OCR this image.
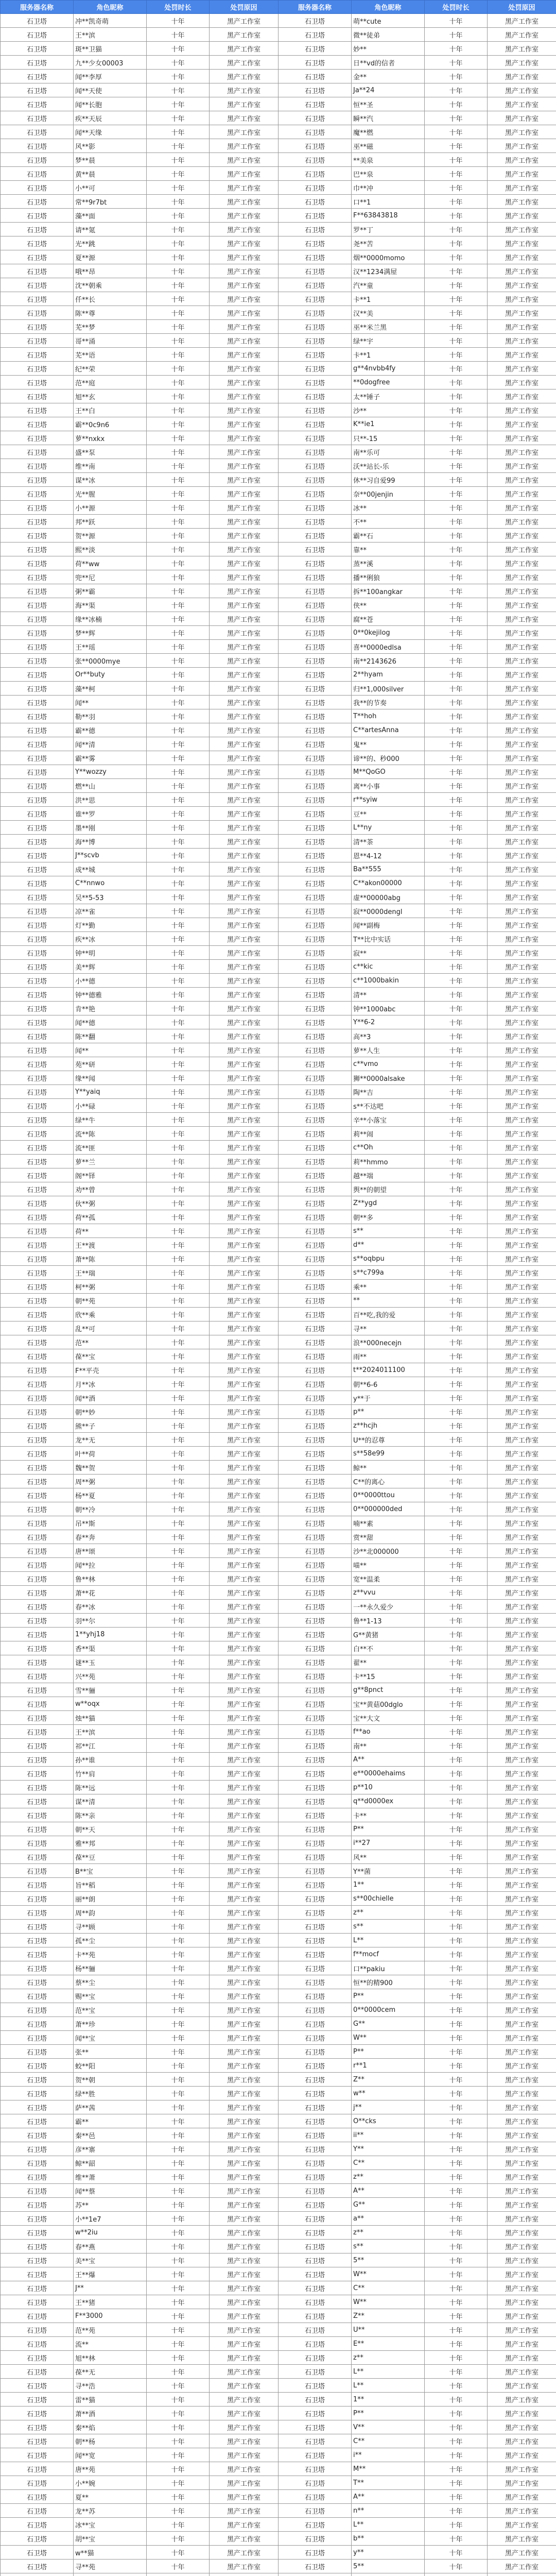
服务器名称	角色昵称	处罚时长	处罚原因	服务器名称	角色昵称	处罚时长	处罚原因
石卫塔	冲**凯奇萌	十年	黑产工作室	石卫塔	萌**cute	十年	黑产工作室
石卫塔	王**滨	十年	黑产工作室	石卫塔	微**徒弟	十年	黑产工作室
石卫塔	斑**卫猫	十年	黑产工作室	石卫塔	妙**	十年	黑产工作室
石卫塔	九**少女00003	十年	黑产工作室	石卫塔	日**vd的信者	十年	黑产工作室
石卫塔	闻**李厚	十年	黑产工作室	石卫塔	金**	十年	黑产工作室
石卫塔	闻**天使	十年	黑产工作室	石卫塔	Ja**24	十年	黑产工作室
石卫塔	闻**长胞	十年	黑产工作室	石卫塔	恒**圣	十年	黑产工作室
石卫塔	疾**天辰	十年	黑产工作室	石卫塔	瞬**汽	十年	黑产工作室
石卫塔	闻**天缘	十年	黑产工作室	石卫塔	魔**燃	十年	黑产工作室
石卫塔	风**影	十年	黑产工作室	石卫塔	巫**磁	十年	黑产工作室
石卫塔	梦**晨	十年	黑产工作室	石卫塔	**美泉	十年	黑产工作室
石卫塔	黄**晨	十年	黑产工作室	石卫塔	巴**泉	十年	黑产工作室
石卫塔	小**可	十年	黑产工作室	石卫塔	巾**冲	十年	黑产工作室
石卫塔	常**9r7bt	十年	黑产工作室	石卫塔	口**1	十年	黑产工作室
石卫塔	藻**面	十年	黑产工作室	石卫塔	F**63843818	十年	黑产工作室
石卫塔	请**氪	十年	黑产工作室	石卫塔	罗**丁	十年	黑产工作室
石卫塔	光**跳	十年	黑产工作室	石卫塔	尧**苦	十年	黑产工作室
石卫塔	夏**源	十年	黑产工作室	石卫塔	烟**0000momo	十年	黑产工作室
石卫塔	哦**昂	十年	黑产工作室	石卫塔	汉**1234满屋	十年	黑产工作室
石卫塔	沈**朝乘	十年	黑产工作室	石卫塔	汽**童	十年	黑产工作室
石卫塔	仟**长	十年	黑产工作室	石卫塔	卡**1	十年	黑产工作室
石卫塔	陈**尊	十年	黑产工作室	石卫塔	汉**美	十年	黑产工作室
石卫塔	芜**梦	十年	黑产工作室	石卫塔	巫**米兰黑	十年	黑产工作室
石卫塔	哥**涌	十年	黑产工作室	石卫塔	绿**宇	十年	黑产工作室
石卫塔	芜**语	十年	黑产工作室	石卫塔	卡**1	十年	黑产工作室
石卫塔	纪**荣	十年	黑产工作室	石卫塔	g**4nvbb4fy	十年	黑产工作室
石卫塔	范**庭	十年	黑产工作室	石卫塔	**0dogfree	十年	黑产工作室
石卫塔	旭**玄	十年	黑产工作室	石卫塔	太**锤子	十年	黑产工作室
石卫塔	王**白	十年	黑产工作室	石卫塔	沙**	十年	黑产工作室
石卫塔	霸**0c9n6	十年	黑产工作室	石卫塔	K**ie1	十年	黑产工作室
石卫塔	萝**nxkx	十年	黑产工作室	石卫塔	只**-15	十年	黑产工作室
石卫塔	盛**泵	十年	黑产工作室	石卫塔	南**乐可	十年	黑产工作室
石卫塔	维**南	十年	黑产工作室	石卫塔	沃**站长-乐	十年	黑产工作室
石卫塔	谋**冰	十年	黑产工作室	石卫塔	休**习自爱99	十年	黑产工作室
石卫塔	光**腥	十年	黑产工作室	石卫塔	奈**00jenjin	十年	黑产工作室
石卫塔	小**源	十年	黑产工作室	石卫塔	冰**	十年	黑产工作室
石卫塔	邦**跃	十年	黑产工作室	石卫塔	不**	十年	黑产工作室
石卫塔	贺**源	十年	黑产工作室	石卫塔	霸**石	十年	黑产工作室
石卫塔	熙**淡	十年	黑产工作室	石卫塔	靠**	十年	黑产工作室
石卫塔	荷**ww	十年	黑产工作室	石卫塔	蒸**溪	十年	黑产工作室
石卫塔	兜**尼	十年	黑产工作室	石卫塔	播**俐狼	十年	黑产工作室
石卫塔	粥**霸	十年	黑产工作室	石卫塔	拆**100angkar	十年	黑产工作室
石卫塔	海**渠	十年	黑产工作室	石卫塔	侠**	十年	黑产工作室
石卫塔	缘**冰楠	十年	黑产工作室	石卫塔	腐**苍	十年	黑产工作室
石卫塔	梦**辉	十年	黑产工作室	石卫塔	0**0kejilog	十年	黑产工作室
石卫塔	王**瑶	十年	黑产工作室	石卫塔	喜**0000edlsa	十年	黑产工作室
石卫塔	张**0000mye	十年	黑产工作室	石卫塔	南**2143626	十年	黑产工作室
石卫塔	Or**buty	十年	黑产工作室	石卫塔	2**hyam	十年	黑产工作室
石卫塔	藻**柯	十年	黑产工作室	石卫塔	归**1,000silver	十年	黑产工作室
石卫塔	闻**	十年	黑产工作室	石卫塔	我**的节奏	十年	黑产工作室
石卫塔	勒**羽	十年	黑产工作室	石卫塔	T**hoh	十年	黑产工作室
石卫塔	霸**德	十年	黑产工作室	石卫塔	C**artesAnna	十年	黑产工作室
石卫塔	闻**清	十年	黑产工作室	石卫塔	鬼**	十年	黑产工作室
石卫塔	霸**雾	十年	黑产工作室	石卫塔	谛**的、秒000	十年	黑产工作室
石卫塔	Y**wozzy	十年	黑产工作室	石卫塔	M**QoGO	十年	黑产工作室
石卫塔	燃**山	十年	黑产工作室	石卫塔	离**小事	十年	黑产工作室
石卫塔	洪**思	十年	黑产工作室	石卫塔	r**syiw	十年	黑产工作室
石卫塔	谁**罗	十年	黑产工作室	石卫塔	豆**	十年	黑产工作室
石卫塔	墨**刚	十年	黑产工作室	石卫塔	L**ny	十年	黑产工作室
石卫塔	海**博	十年	黑产工作室	石卫塔	清**茶	十年	黑产工作室
石卫塔	J**scvb	十年	黑产工作室	石卫塔	恩**4-12	十年	黑产工作室
石卫塔	成**城	十年	黑产工作室	石卫塔	Ba**555	十年	黑产工作室
石卫塔	C**nnwo	十年	黑产工作室	石卫塔	C**akon00000	十年	黑产工作室
石卫塔	吴**5-53	十年	黑产工作室	石卫塔	虚**00000abg	十年	黑产工作室
石卫塔	凉**雀	十年	黑产工作室	石卫塔	寂**0000dengl	十年	黑产工作室
石卫塔	灯**勤	十年	黑产工作室	石卫塔	闻**副梅	十年	黑产工作室
石卫塔	疾**冰	十年	黑产工作室	石卫塔	T**比中实话	十年	黑产工作室
石卫塔	钟**明	十年	黑产工作室	石卫塔	寂**	十年	黑产工作室
石卫塔	美**辉	十年	黑产工作室	石卫塔	c**kic	十年	黑产工作室
石卫塔	小**德	十年	黑产工作室	石卫塔	c**1000bakin	十年	黑产工作室
石卫塔	钟**德雅	十年	黑产工作室	石卫塔	清**	十年	黑产工作室
石卫塔	肯**艳	十年	黑产工作室	石卫塔	钟**1000abc	十年	黑产工作室
石卫塔	闻**德	十年	黑产工作室	石卫塔	Y**6-2	十年	黑产工作室
石卫塔	陈**翻	十年	黑产工作室	石卫塔	高**3	十年	黑产工作室
石卫塔	闻**	十年	黑产工作室	石卫塔	萝**人生	十年	黑产工作室
石卫塔	苑**研	十年	黑产工作室	石卫塔	c**vmo	十年	黑产工作室
石卫塔	缘**闻	十年	黑产工作室	石卫塔	狮**0000alsake	十年	黑产工作室
石卫塔	Y**yaiq	十年	黑产工作室	石卫塔	陶**吉	十年	黑产工作室
石卫塔	小**碌	十年	黑产工作室	石卫塔	s**不达吧	十年	黑产工作室
石卫塔	绿**牛	十年	黑产工作室	石卫塔	辛**小落宝	十年	黑产工作室
石卫塔	流**陈	十年	黑产工作室	石卫塔	莉**闹	十年	黑产工作室
石卫塔	流**匪	十年	黑产工作室	石卫塔	c**Oh	十年	黑产工作室
石卫塔	萝**兰	十年	黑产工作室	石卫塔	莉**hmmo	十年	黑产工作室
石卫塔	阁**铎	十年	黑产工作室	石卫塔	越**端	十年	黑产工作室
石卫塔	劝**曾	十年	黑产工作室	石卫塔	舆**的朝望	十年	黑产工作室
石卫塔	伙**粥	十年	黑产工作室	石卫塔	Z**ygd	十年	黑产工作室
石卫塔	荷**孤	十年	黑产工作室	石卫塔	朝**多	十年	黑产工作室
石卫塔	荷**	十年	黑产工作室	石卫塔	s**	十年	黑产工作室
石卫塔	王**渡	十年	黑产工作室	石卫塔	d**	十年	黑产工作室
石卫塔	萧**陈	十年	黑产工作室	石卫塔	s**oqbpu	十年	黑产工作室
石卫塔	王**瑞	十年	黑产工作室	石卫塔	s**c799a	十年	黑产工作室
石卫塔	柯**粥	十年	黑产工作室	石卫塔	乘**	十年	黑产工作室
石卫塔	朝**苑	十年	黑产工作室	石卫塔	**	十年	黑产工作室
石卫塔	欣**乘	十年	黑产工作室	石卫塔	百**吃,我的爱	十年	黑产工作室
石卫塔	乱**可	十年	黑产工作室	石卫塔	寻**	十年	黑产工作室
石卫塔	范**	十年	黑产工作室	石卫塔	浪**000necejn	十年	黑产工作室
石卫塔	葆**宝	十年	黑产工作室	石卫塔	雨**	十年	黑产工作室
石卫塔	F**平壳	十年	黑产工作室	石卫塔	t**2024011100	十年	黑产工作室
石卫塔	月**冰	十年	黑产工作室	石卫塔	朝**6-6	十年	黑产工作室
石卫塔	闻**酒	十年	黑产工作室	石卫塔	y**于	十年	黑产工作室
石卫塔	朝**妙	十年	黑产工作室	石卫塔	p**	十年	黑产工作室
石卫塔	熊**子	十年	黑产工作室	石卫塔	z**hcjh	十年	黑产工作室
石卫塔	龙**无	十年	黑产工作室	石卫塔	U**的忍尊	十年	黑产工作室
石卫塔	叶**荷	十年	黑产工作室	石卫塔	s**58e99	十年	黑产工作室
石卫塔	魏**贺	十年	黑产工作室	石卫塔	鲸**	十年	黑产工作室
石卫塔	周**粥	十年	黑产工作室	石卫塔	C**的离心	十年	黑产工作室
石卫塔	杨**夏	十年	黑产工作室	石卫塔	0**0000ttou	十年	黑产工作室
石卫塔	朝**冷	十年	黑产工作室	石卫塔	0**000000ded	十年	黑产工作室
石卫塔	吊**斯	十年	黑产工作室	石卫塔	喃**素	十年	黑产工作室
石卫塔	春**奔	十年	黑产工作室	石卫塔	赏**甜	十年	黑产工作室
石卫塔	唐**颂	十年	黑产工作室	石卫塔	沙**北000000	十年	黑产工作室
石卫塔	闻**拉	十年	黑产工作室	石卫塔	喵**	十年	黑产工作室
石卫塔	鲁**林	十年	黑产工作室	石卫塔	宽**温柔	十年	黑产工作室
石卫塔	萧**花	十年	黑产工作室	石卫塔	z**vvu	十年	黑产工作室
石卫塔	春**冰	十年	黑产工作室	石卫塔	一**永久爱少	十年	黑产工作室
石卫塔	羽**尔	十年	黑产工作室	石卫塔	鲁**1-13	十年	黑产工作室
石卫塔	1**yhj18	十年	黑产工作室	石卫塔	G**黄猪	十年	黑产工作室
石卫塔	香**渠	十年	黑产工作室	石卫塔	白**不	十年	黑产工作室
石卫塔	谜**玉	十年	黑产工作室	石卫塔	翟**	十年	黑产工作室
石卫塔	兴**苑	十年	黑产工作室	石卫塔	卡**15	十年	黑产工作室
石卫塔	雪**骊	十年	黑产工作室	石卫塔	g**8pnct	十年	黑产工作室
石卫塔	w**oqx	十年	黑产工作室	石卫塔	宝**黄菇00dglo	十年	黑产工作室
石卫塔	烛**猫	十年	黑产工作室	石卫塔	宝**大文	十年	黑产工作室
石卫塔	王**滨	十年	黑产工作室	石卫塔	f**ao	十年	黑产工作室
石卫塔	祁**江	十年	黑产工作室	石卫塔	南**	十年	黑产工作室
石卫塔	孙**谁	十年	黑产工作室	石卫塔	A**	十年	黑产工作室
石卫塔	竹**肩	十年	黑产工作室	石卫塔	e**0000ehaims	十年	黑产工作室
石卫塔	陈**远	十年	黑产工作室	石卫塔	p**10	十年	黑产工作室
石卫塔	谋**清	十年	黑产工作室	石卫塔	q**d0000ex	十年	黑产工作室
石卫塔	陈**亲	十年	黑产工作室	石卫塔	卡**	十年	黑产工作室
石卫塔	朝**天	十年	黑产工作室	石卫塔	P**	十年	黑产工作室
石卫塔	雅**邦	十年	黑产工作室	石卫塔	i**27	十年	黑产工作室
石卫塔	葆**豆	十年	黑产工作室	石卫塔	风**	十年	黑产工作室
石卫塔	B**宝	十年	黑产工作室	石卫塔	Y**菌	十年	黑产工作室
石卫塔	旨**稻	十年	黑产工作室	石卫塔	1**	十年	黑产工作室
石卫塔	丽**朗	十年	黑产工作室	石卫塔	s**00chielle	十年	黑产工作室
石卫塔	周**韵	十年	黑产工作室	石卫塔	z**	十年	黑产工作室
石卫塔	寻**顾	十年	黑产工作室	石卫塔	s**	十年	黑产工作室
石卫塔	孤**尘	十年	黑产工作室	石卫塔	L**	十年	黑产工作室
石卫塔	卡**苑	十年	黑产工作室	石卫塔	f**mocf	十年	黑产工作室
石卫塔	杨**骊	十年	黑产工作室	石卫塔	口**pakiu	十年	黑产工作室
石卫塔	蔡**尘	十年	黑产工作室	石卫塔	恒**的精900	十年	黑产工作室
石卫塔	赐**宝	十年	黑产工作室	石卫塔	P**	十年	黑产工作室
石卫塔	范**宝	十年	黑产工作室	石卫塔	0**0000cem	十年	黑产工作室
石卫塔	萧**珍	十年	黑产工作室	石卫塔	G**	十年	黑产工作室
石卫塔	闻**宝	十年	黑产工作室	石卫塔	W**	十年	黑产工作室
石卫塔	张**	十年	黑产工作室	石卫塔	P**	十年	黑产工作室
石卫塔	蛟**阳	十年	黑产工作室	石卫塔	r**1	十年	黑产工作室
石卫塔	贺**朝	十年	黑产工作室	石卫塔	Z**	十年	黑产工作室
石卫塔	绿**胜	十年	黑产工作室	石卫塔	w**	十年	黑产工作室
石卫塔	萨**茜	十年	黑产工作室	石卫塔	j**	十年	黑产工作室
石卫塔	霸**	十年	黑产工作室	石卫塔	O**cks	十年	黑产工作室
石卫塔	秦**邑	十年	黑产工作室	石卫塔	ii**	十年	黑产工作室
石卫塔	彦**寨	十年	黑产工作室	石卫塔	Y**	十年	黑产工作室
石卫塔	鲸**韶	十年	黑产工作室	石卫塔	C**	十年	黑产工作室
石卫塔	维**萧	十年	黑产工作室	石卫塔	z**	十年	黑产工作室
石卫塔	闻**蔡	十年	黑产工作室	石卫塔	A**	十年	黑产工作室
石卫塔	苏**	十年	黑产工作室	石卫塔	G**	十年	黑产工作室
石卫塔	小**1e7	十年	黑产工作室	石卫塔	a**	十年	黑产工作室
石卫塔	w**2iu	十年	黑产工作室	石卫塔	z**	十年	黑产工作室
石卫塔	春**燕	十年	黑产工作室	石卫塔	s**	十年	黑产工作室
石卫塔	美**宝	十年	黑产工作室	石卫塔	5**	十年	黑产工作室
石卫塔	王**爆	十年	黑产工作室	石卫塔	W**	十年	黑产工作室
石卫塔	J**	十年	黑产工作室	石卫塔	C**	十年	黑产工作室
石卫塔	王**猪	十年	黑产工作室	石卫塔	W**	十年	黑产工作室
石卫塔	F**3000	十年	黑产工作室	石卫塔	Z**	十年	黑产工作室
石卫塔	范**苑	十年	黑产工作室	石卫塔	U**	十年	黑产工作室
石卫塔	流**	十年	黑产工作室	石卫塔	E**	十年	黑产工作室
石卫塔	旭**林	十年	黑产工作室	石卫塔	z**	十年	黑产工作室
石卫塔	葆**无	十年	黑产工作室	石卫塔	L**	十年	黑产工作室
石卫塔	寻**浩	十年	黑产工作室	石卫塔	L**	十年	黑产工作室
石卫塔	雷**猫	十年	黑产工作室	石卫塔	1**	十年	黑产工作室
石卫塔	萧**酒	十年	黑产工作室	石卫塔	P**	十年	黑产工作室
石卫塔	秦**焰	十年	黑产工作室	石卫塔	V**	十年	黑产工作室
石卫塔	朝**杨	十年	黑产工作室	石卫塔	C**	十年	黑产工作室
石卫塔	闻**宽	十年	黑产工作室	石卫塔	i**	十年	黑产工作室
石卫塔	唐**苑	十年	黑产工作室	石卫塔	M**	十年	黑产工作室
石卫塔	小**婉	十年	黑产工作室	石卫塔	T**	十年	黑产工作室
石卫塔	夏**	十年	黑产工作室	石卫塔	A**	十年	黑产工作室
石卫塔	龙**苏	十年	黑产工作室	石卫塔	n**	十年	黑产工作室
石卫塔	冰**宝	十年	黑产工作室	石卫塔	L**	十年	黑产工作室
石卫塔	胡**宝	十年	黑产工作室	石卫塔	b**	十年	黑产工作室
石卫塔	w**猫	十年	黑产工作室	石卫塔	y**	十年	黑产工作室
石卫塔	寻**苑	十年	黑产工作室	石卫塔	5**	十年	黑产工作室
